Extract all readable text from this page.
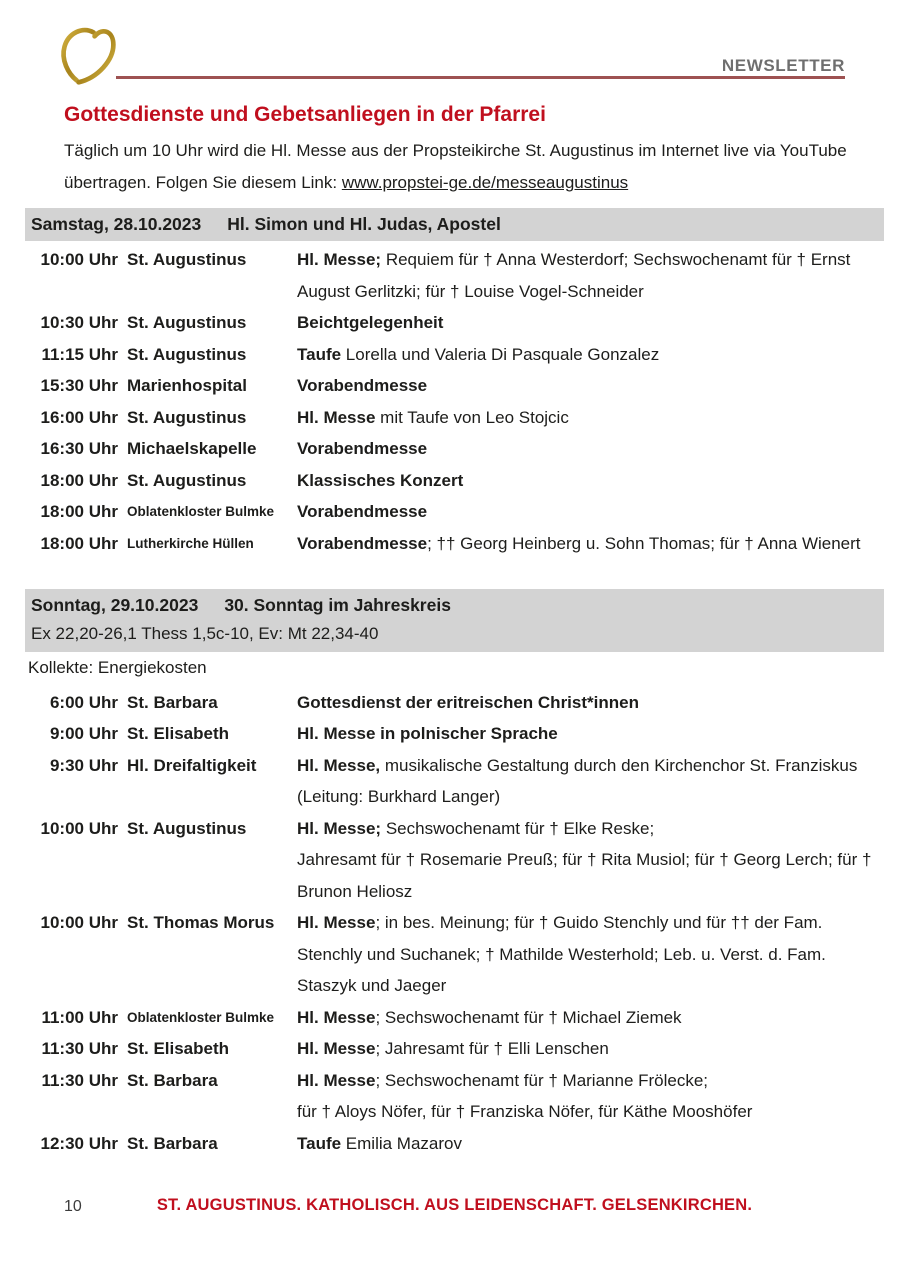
NEWSLETTER
Gottesdienste und Gebetsanliegen in der Pfarrei

Täglich um 10 Uhr wird die Hl. Messe aus der Propsteikirche St. Augustinus im Internet live via YouTube übertragen. Folgen Sie diesem Link: www.propstei-ge.de/messeaugustinus

Samstag, 28.10.2023 Hl. Simon und Hl. Judas, Apostel
10:00 Uhr St. Augustinus	Hl. Messe; Requiem für † Anna Westerdorf; Sechswochenamt für † Ernst August Gerlitzki; für † Louise Vogel-Schneider
10:30 Uhr St. Augustinus	Beichtgelegenheit
11:15 Uhr St. Augustinus	Taufe Lorella und Valeria Di Pasquale Gonzalez
15:30 Uhr Marienhospital	Vorabendmesse
16:00 Uhr St. Augustinus	Hl. Messe mit Taufe von Leo Stojcic
16:30 Uhr Michaelskapelle	Vorabendmesse
18:00 Uhr St. Augustinus	Klassisches Konzert
18:00 Uhr Oblatenkloster Bulmke	Vorabendmesse
18:00 Uhr Lutherkirche Hüllen	Vorabendmesse; †† Georg Heinberg u. Sohn Thomas; für † Anna Wienert
Sonntag, 29.10.2023 30. Sonntag im Jahreskreis
Ex 22,20-26,1 Thess 1,5c-10, Ev: Mt 22,34-40
Kollekte: Energiekosten
6:00 Uhr St. Barbara	Gottesdienst der eritreischen Christ*innen
9:00 Uhr St. Elisabeth	Hl. Messe in polnischer Sprache
9:30 Uhr Hl. Dreifaltigkeit	Hl. Messe, musikalische Gestaltung durch den Kirchenchor St. Franziskus (Leitung: Burkhard Langer)
10:00 Uhr St. Augustinus	Hl. Messe; Sechswochenamt für † Elke Reske;
Jahresamt für † Rosemarie Preuß; für † Rita Musiol; für † Georg Lerch; für † Brunon Heliosz
10:00 Uhr St. Thomas Morus	Hl. Messe; in bes. Meinung; für † Guido Stenchly und für †† der Fam. Stenchly und Suchanek; † Mathilde Westerhold; Leb. u. Verst. d. Fam. Staszyk und Jaeger
11:00 Uhr Oblatenkloster Bulmke	Hl. Messe; Sechswochenamt für † Michael Ziemek
11:30 Uhr St. Elisabeth	Hl. Messe; Jahresamt für † Elli Lenschen
11:30 Uhr St. Barbara	Hl. Messe; Sechswochenamt für † Marianne Frölecke;
für † Aloys Nöfer, für † Franziska Nöfer, für Käthe Mooshöfer
12:30 Uhr St. Barbara	Taufe Emilia Mazarov
10	ST. AUGUSTINUS. KATHOLISCH. AUS LEIDENSCHAFT. GELSENKIRCHEN.
